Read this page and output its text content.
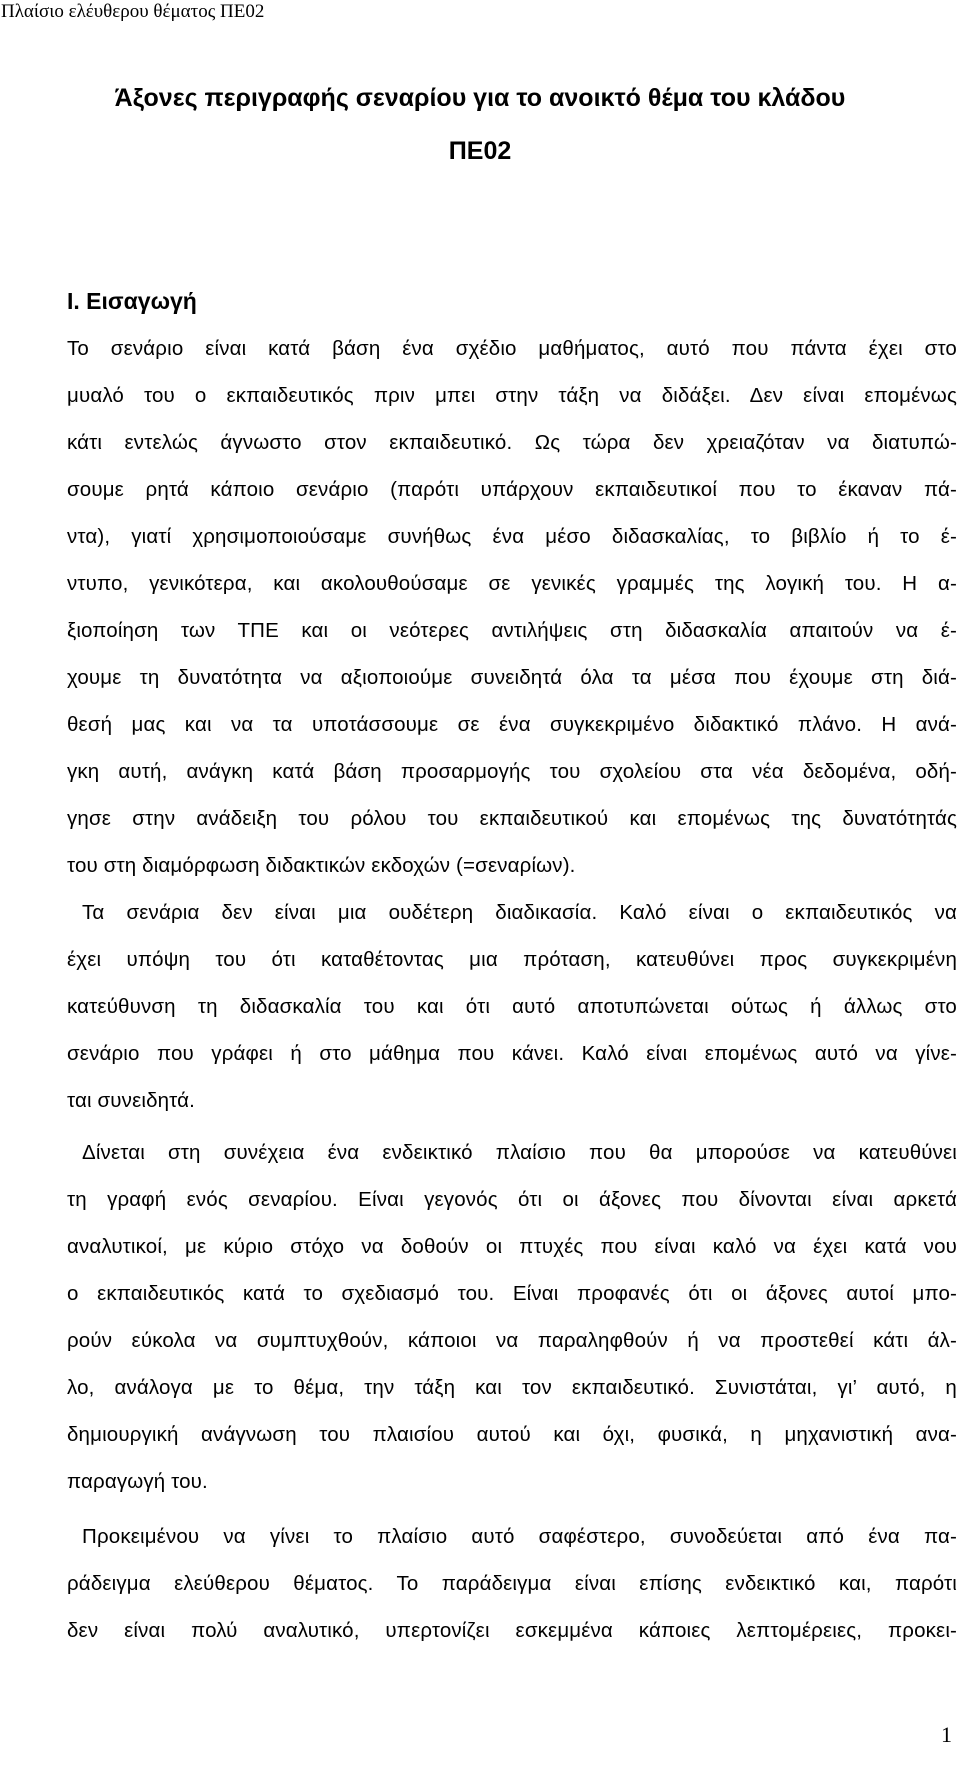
Πλαίσιο ελέυθερου θέματος ΠΕ02
Άξονες περιγραφής σεναρίου για το ανοικτό θέμα του κλάδου
ΠΕ02
Ι. Εισαγωγή
Το σενάριο είναι κατά βάση ένα σχέδιο μαθήματος, αυτό που πάντα έχει στο
μυαλό του ο εκπαιδευτικός πριν μπει στην τάξη να διδάξει. Δεν είναι επομένως
κάτι εντελώς άγνωστο στον εκπαιδευτικό. Ως τώρα δεν χρειαζόταν να διατυπώ-
σουμε ρητά κάποιο σενάριο (παρότι υπάρχουν εκπαιδευτικοί που το έκαναν πά-
ντα), γιατί χρησιμοποιούσαμε συνήθως ένα μέσο διδασκαλίας, το βιβλίο ή το έ-
ντυπο, γενικότερα, και ακολουθούσαμε σε γενικές γραμμές της λογική του. Η α-
ξιοποίηση των ΤΠΕ και οι νεότερες αντιλήψεις στη διδασκαλία απαιτούν να έ-
χουμε τη δυνατότητα να αξιοποιούμε συνειδητά όλα τα μέσα που έχουμε στη διά-
θεσή μας και να τα υποτάσσουμε σε ένα συγκεκριμένο διδακτικό πλάνο. Η ανά-
γκη αυτή, ανάγκη κατά βάση προσαρμογής του σχολείου στα νέα δεδομένα, οδή-
γησε στην ανάδειξη του ρόλου του εκπαιδευτικού και επομένως της δυνατότητάς
του στη διαμόρφωση διδακτικών εκδοχών (=σεναρίων).
Τα σενάρια δεν είναι μια ουδέτερη διαδικασία. Καλό είναι ο εκπαιδευτικός να
έχει υπόψη του ότι καταθέτοντας μια πρόταση, κατευθύνει προς συγκεκριμένη
κατεύθυνση τη διδασκαλία του και ότι αυτό αποτυπώνεται ούτως ή άλλως στο
σενάριο που γράφει ή στο μάθημα που κάνει. Καλό είναι επομένως αυτό να γίνε-
ται συνειδητά.
Δίνεται στη συνέχεια ένα ενδεικτικό πλαίσιο που θα μπορούσε να κατευθύνει
τη γραφή ενός σεναρίου. Είναι γεγονός ότι οι άξονες που δίνονται είναι αρκετά
αναλυτικοί, με κύριο στόχο να δοθούν οι πτυχές που είναι καλό να έχει κατά νου
ο εκπαιδευτικός κατά το σχεδιασμό του. Είναι προφανές ότι οι άξονες αυτοί μπο-
ρούν εύκολα να συμπτυχθούν, κάποιοι να παραληφθούν ή να προστεθεί κάτι άλ-
λο, ανάλογα με το θέμα, την τάξη και τον εκπαιδευτικό. Συνιστάται, γι’ αυτό, η
δημιουργική ανάγνωση του πλαισίου αυτού και όχι, φυσικά, η μηχανιστική ανα-
παραγωγή του.
Προκειμένου να γίνει το πλαίσιο αυτό σαφέστερο, συνοδεύεται από ένα πα-
ράδειγμα ελεύθερου θέματος. Το παράδειγμα είναι επίσης ενδεικτικό και, παρότι
δεν είναι πολύ αναλυτικό, υπερτονίζει εσκεμμένα κάποιες λεπτομέρειες, προκει-
1
